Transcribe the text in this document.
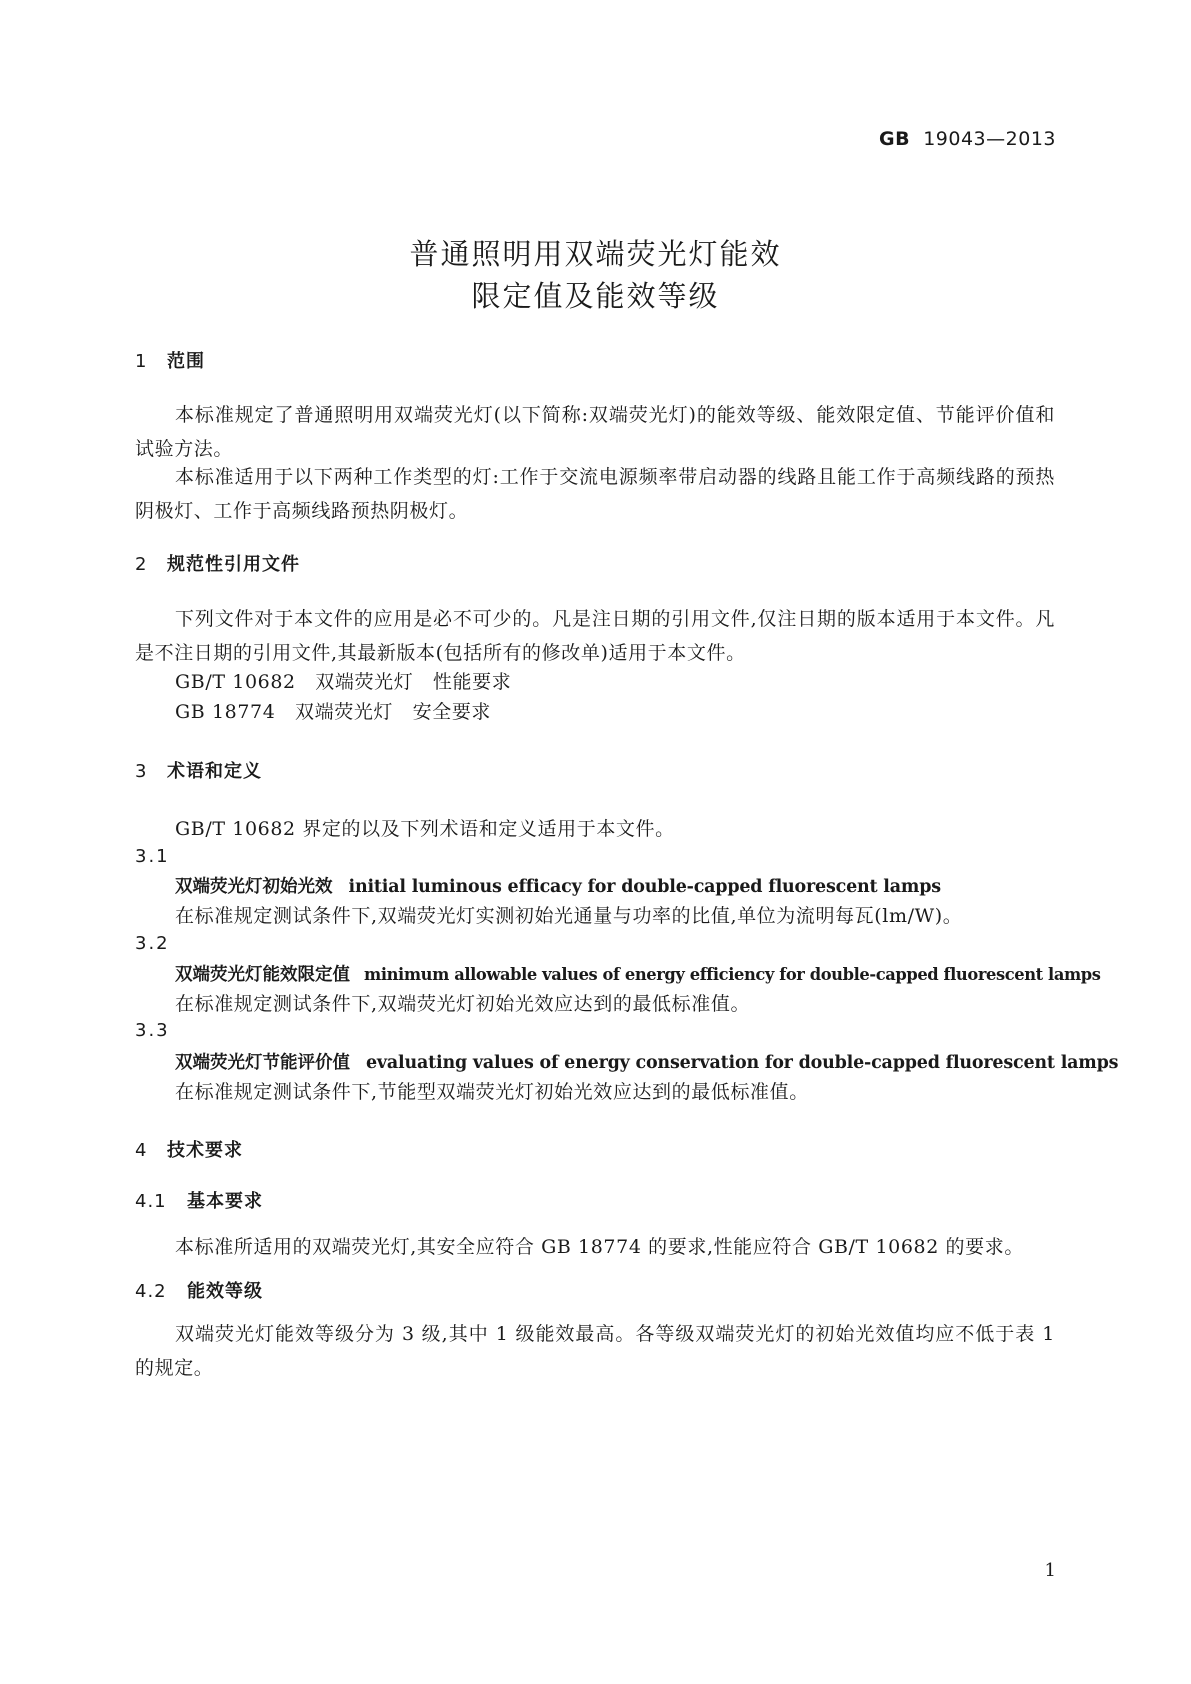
GB 19043—2013
普通照明用双端荧光灯能效
限定值及能效等级
1 范围
本标准规定了普通照明用双端荧光灯(以下简称:双端荧光灯)的能效等级、能效限定值、节能评价值和试验方法。
本标准适用于以下两种工作类型的灯:工作于交流电源频率带启动器的线路且能工作于高频线路的预热阴极灯、工作于高频线路预热阴极灯。
2 规范性引用文件
下列文件对于本文件的应用是必不可少的。凡是注日期的引用文件,仅注日期的版本适用于本文件。凡是不注日期的引用文件,其最新版本(包括所有的修改单)适用于本文件。
GB/T 10682　双端荧光灯　性能要求
GB 18774　双端荧光灯　安全要求
3 术语和定义
GB/T 10682 界定的以及下列术语和定义适用于本文件。
3.1
双端荧光灯初始光效 initial luminous efficacy for double-capped fluorescent lamps
在标准规定测试条件下,双端荧光灯实测初始光通量与功率的比值,单位为流明每瓦(lm/W)。
3.2
双端荧光灯能效限定值 minimum allowable values of energy efficiency for double-capped fluorescent lamps
在标准规定测试条件下,双端荧光灯初始光效应达到的最低标准值。
3.3
双端荧光灯节能评价值 evaluating values of energy conservation for double-capped fluorescent lamps
在标准规定测试条件下,节能型双端荧光灯初始光效应达到的最低标准值。
4 技术要求
4.1 基本要求
本标准所适用的双端荧光灯,其安全应符合 GB 18774 的要求,性能应符合 GB/T 10682 的要求。
4.2 能效等级
双端荧光灯能效等级分为 3 级,其中 1 级能效最高。各等级双端荧光灯的初始光效值均应不低于表 1 的规定。
1
